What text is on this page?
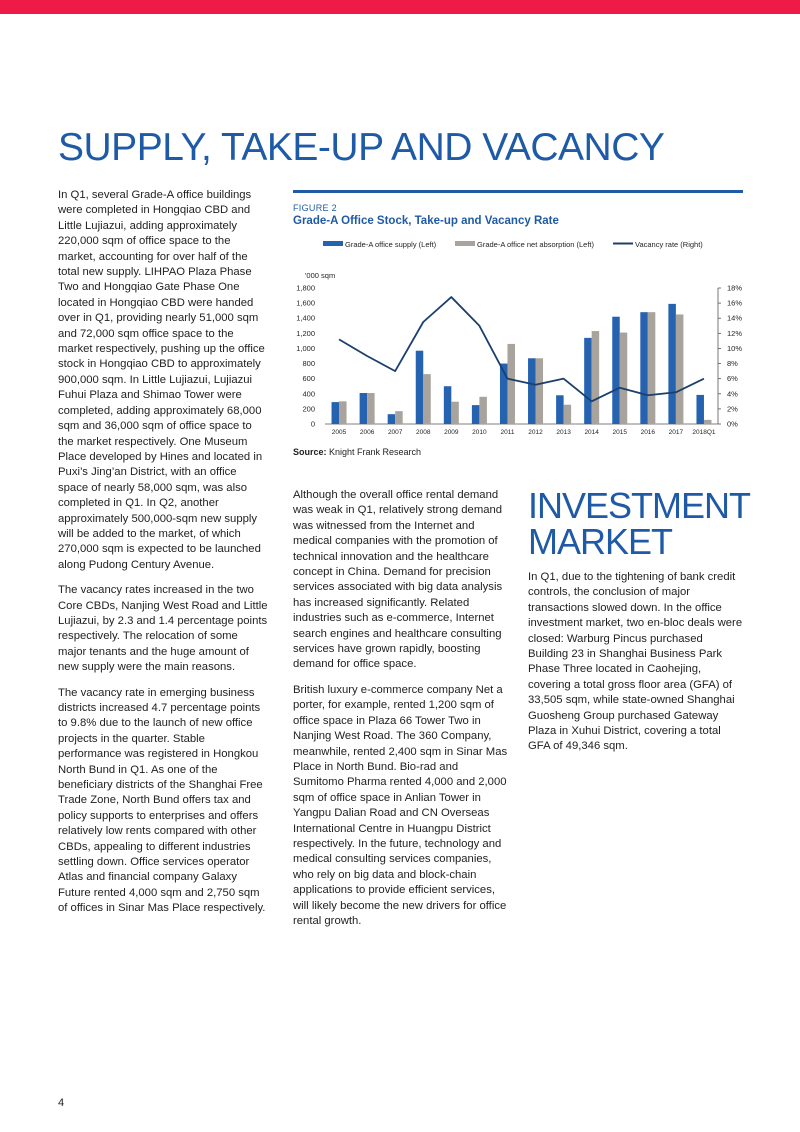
SUPPLY, TAKE-UP AND VACANCY

In Q1, several Grade-A office buildings were completed in Hongqiao CBD and Little Lujiazui, adding approximately 220,000 sqm of office space to the market, accounting for over half of the total new supply. LIHPAO Plaza Phase Two and Hongqiao Gate Phase One located in Hongqiao CBD were handed over in Q1, providing nearly 51,000 sqm and 72,000 sqm office space to the market respectively, pushing up the office stock in Hongqiao CBD to approximately 900,000 sqm. In Little Lujiazui, Lujiazui Fuhui Plaza and Shimao Tower were completed, adding approximately 68,000 sqm and 36,000 sqm of office space to the market respectively. One Museum Place developed by Hines and located in Puxi’s Jing’an District, with an office space of nearly 58,000 sqm, was also completed in Q1. In Q2, another approximately 500,000-sqm new supply will be added to the market, of which 270,000 sqm is expected to be launched along Pudong Century Avenue.

The vacancy rates increased in the two Core CBDs, Nanjing West Road and Little Lujiazui, by 2.3 and 1.4 percentage points respectively. The relocation of some major tenants and the huge amount of new supply were the main reasons.

The vacancy rate in emerging business districts increased 4.7 percentage points to 9.8% due to the launch of new office projects in the quarter. Stable performance was registered in Hongkou North Bund in Q1. As one of the beneficiary districts of the Shanghai Free Trade Zone, North Bund offers tax and policy supports to enterprises and offers relatively low rents compared with other CBDs, appealing to different industries settling down. Office services operator Atlas and financial company Galaxy Future rented 4,000 sqm and 2,750 sqm of offices in Sinar Mas Place respectively.

FIGURE 2
Grade-A Office Stock, Take-up and Vacancy Rate
Grade-A office supply (Left)	Grade-A office net absorption (Left)	Vacancy rate (Right)
'000 sqm
0
200
400
600
800
1,000
1,200
1,400
1,600
1,800
0%
2%
4%
6%
8%
10%
12%
14%
16%
18%
2005 2006 2007 2008 2009 2010 2011 2012 2013 2014 2015 2016 2017 2018Q1
Source: Knight Frank Research

Although the overall office rental demand was weak in Q1, relatively strong demand was witnessed from the Internet and medical companies with the promotion of technical innovation and the healthcare concept in China. Demand for precision services associated with big data analysis has increased significantly. Related industries such as e-commerce, Internet search engines and healthcare consulting services have grown rapidly, boosting demand for office space.

British luxury e-commerce company Net a porter, for example, rented 1,200 sqm of office space in Plaza 66 Tower Two in Nanjing West Road. The 360 Company, meanwhile, rented 2,400 sqm in Sinar Mas Place in North Bund. Bio-rad and Sumitomo Pharma rented 4,000 and 2,000 sqm of office space in Anlian Tower in Yangpu Dalian Road and CN Overseas International Centre in Huangpu District respectively. In the future, technology and medical consulting services companies, who rely on big data and block-chain applications to provide efficient services, will likely become the new drivers for office rental growth.

INVESTMENT
MARKET

In Q1, due to the tightening of bank credit controls, the conclusion of major transactions slowed down. In the office investment market, two en-bloc deals were closed: Warburg Pincus purchased Building 23 in Shanghai Business Park Phase Three located in Caohejing, covering a total gross floor area (GFA) of 33,505 sqm, while state-owned Shanghai Guosheng Group purchased Gateway Plaza in Xuhui District, covering a total GFA of 49,346 sqm.

4
